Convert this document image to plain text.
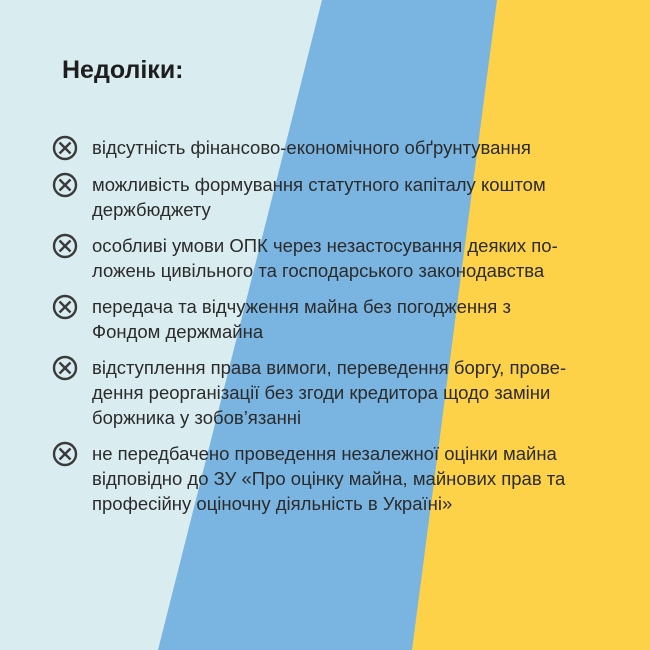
Недоліки:
відсутність фінансово-економічного обґрунтування
можливість формування статутного капіталу коштом
держбюджету
особливі умови ОПК через незастосування деяких по-
ложень цивільного та господарського законодавства
передача та відчуження майна без погодження з
Фондом держмайна
відступлення права вимоги, переведення боргу, прове-
дення реорганізації без згоди кредитора щодо заміни
боржника у зобов’язанні
не передбачено проведення незалежної оцінки майна
відповідно до ЗУ «Про оцінку майна, майнових прав та
професійну оціночну діяльність в Україні»
